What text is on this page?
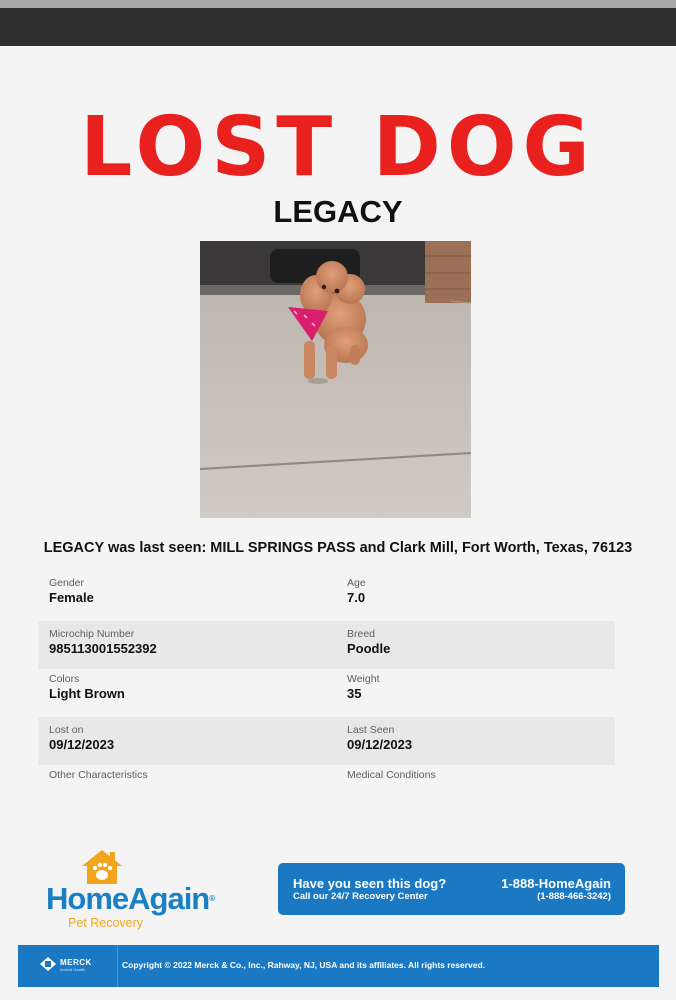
LOST DOG
LEGACY
LEGACY was last seen: MILL SPRINGS PASS and Clark Mill, Fort Worth, Texas, 76123
Gender
Female
Age
7.0
Microchip Number
985113001552392
Breed
Poodle
Colors
Light Brown
Weight
35
Lost on
09/12/2023
Last Seen
09/12/2023
Other Characteristics	Medical Conditions
HomeAgain®
Pet Recovery
Have you seen this dog?
Call our 24/7 Recovery Center
1-888-HomeAgain
(1-888-466-3242)
MERCK
Animal Health	Copyright © 2022 Merck & Co., Inc., Rahway, NJ, USA and its affiliates. All rights reserved.
